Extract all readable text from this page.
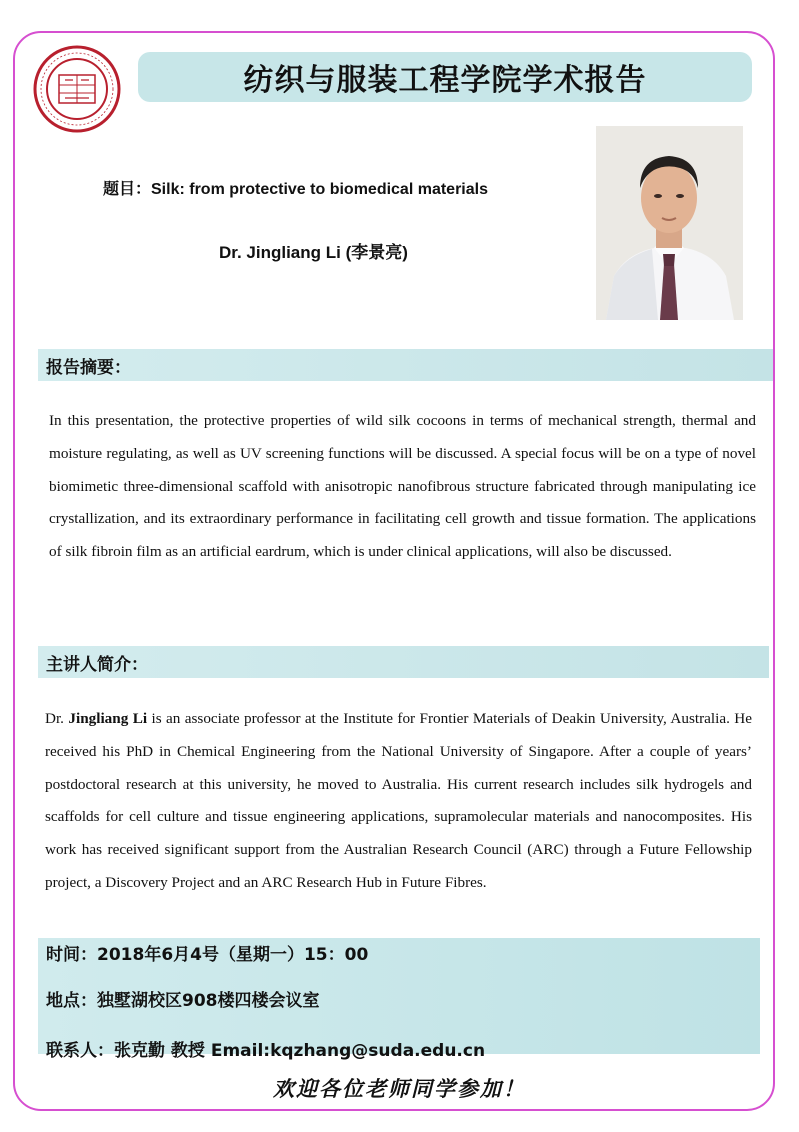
纺织与服装工程学院学术报告
题目：Silk: from protective to biomedical materials
Dr. Jingliang Li (李景亮)
报告摘要：
In this presentation, the protective properties of wild silk cocoons in terms of mechanical strength, thermal and moisture regulating, as well as UV screening functions will be discussed. A special focus will be on a type of novel biomimetic three-dimensional scaffold with anisotropic nanofibrous structure fabricated through manipulating ice crystallization, and its extraordinary performance in facilitating cell growth and tissue formation. The applications of silk fibroin film as an artificial eardrum, which is under clinical applications, will also be discussed.
主讲人简介：
Dr. Jingliang Li is an associate professor at the Institute for Frontier Materials of Deakin University, Australia. He received his PhD in Chemical Engineering from the National University of Singapore. After a couple of years’ postdoctoral research at this university, he moved to Australia. His current research includes silk hydrogels and scaffolds for cell culture and tissue engineering applications, supramolecular materials and nanocomposites. His work has received significant support from the Australian Research Council (ARC) through a Future Fellowship project, a Discovery Project and an ARC Research Hub in Future Fibres.
时间：2018年6月4号（星期一）15：00
地点：独墅湖校区908楼四楼会议室
联系人：张克勤 教授 Email:kqzhang@suda.edu.cn
欢迎各位老师同学参加！
